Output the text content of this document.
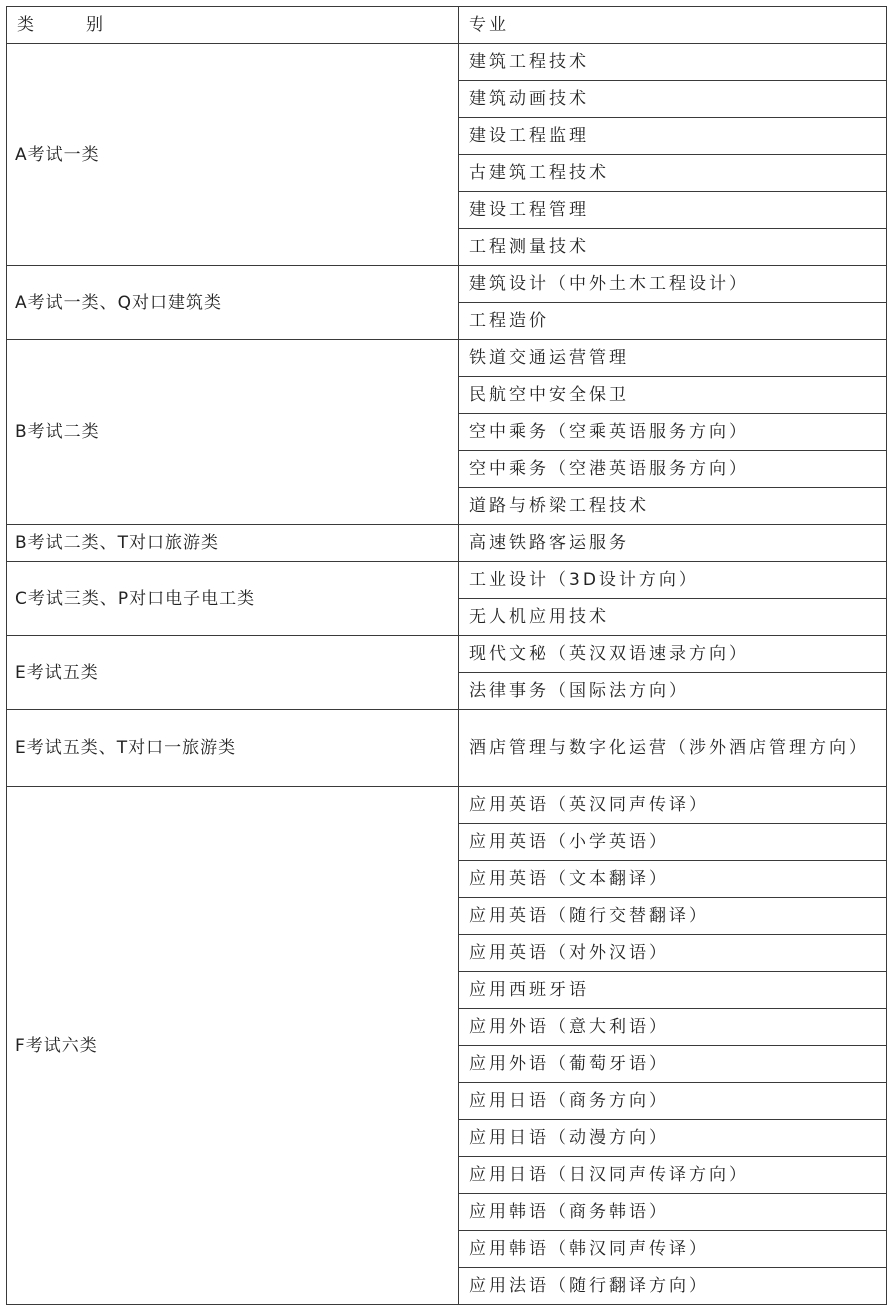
类 别	专业
A考试一类	建筑工程技术
	建筑动画技术
	建设工程监理
	古建筑工程技术
	建设工程管理
	工程测量技术
A考试一类、Q对口建筑类	建筑设计（中外土木工程设计）
	工程造价
B考试二类	铁道交通运营管理
	民航空中安全保卫
	空中乘务（空乘英语服务方向）
	空中乘务（空港英语服务方向）
	道路与桥梁工程技术
B考试二类、T对口旅游类	高速铁路客运服务
C考试三类、P对口电子电工类	工业设计（3D设计方向）
	无人机应用技术
E考试五类	现代文秘（英汉双语速录方向）
	法律事务（国际法方向）
E考试五类、T对口一旅游类	酒店管理与数字化运营（涉外酒店管理方向）
F考试六类	应用英语（英汉同声传译）
	应用英语（小学英语）
	应用英语（文本翻译）
	应用英语（随行交替翻译）
	应用英语（对外汉语）
	应用西班牙语
	应用外语（意大利语）
	应用外语（葡萄牙语）
	应用日语（商务方向）
	应用日语（动漫方向）
	应用日语（日汉同声传译方向）
	应用韩语（商务韩语）
	应用韩语（韩汉同声传译）
	应用法语（随行翻译方向）
